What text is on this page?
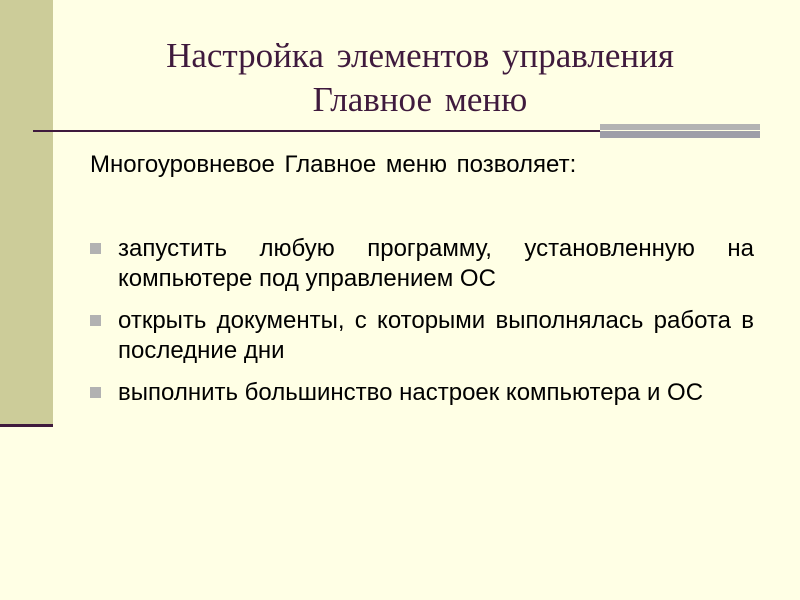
Настройка элементов управления
Главное меню
Многоуровневое Главное меню позволяет:
запустить любую программу, установленную на компьютере под управлением ОС
открыть документы, с которыми выполнялась работа в последние дни
выполнить большинство настроек компьютера и ОС
